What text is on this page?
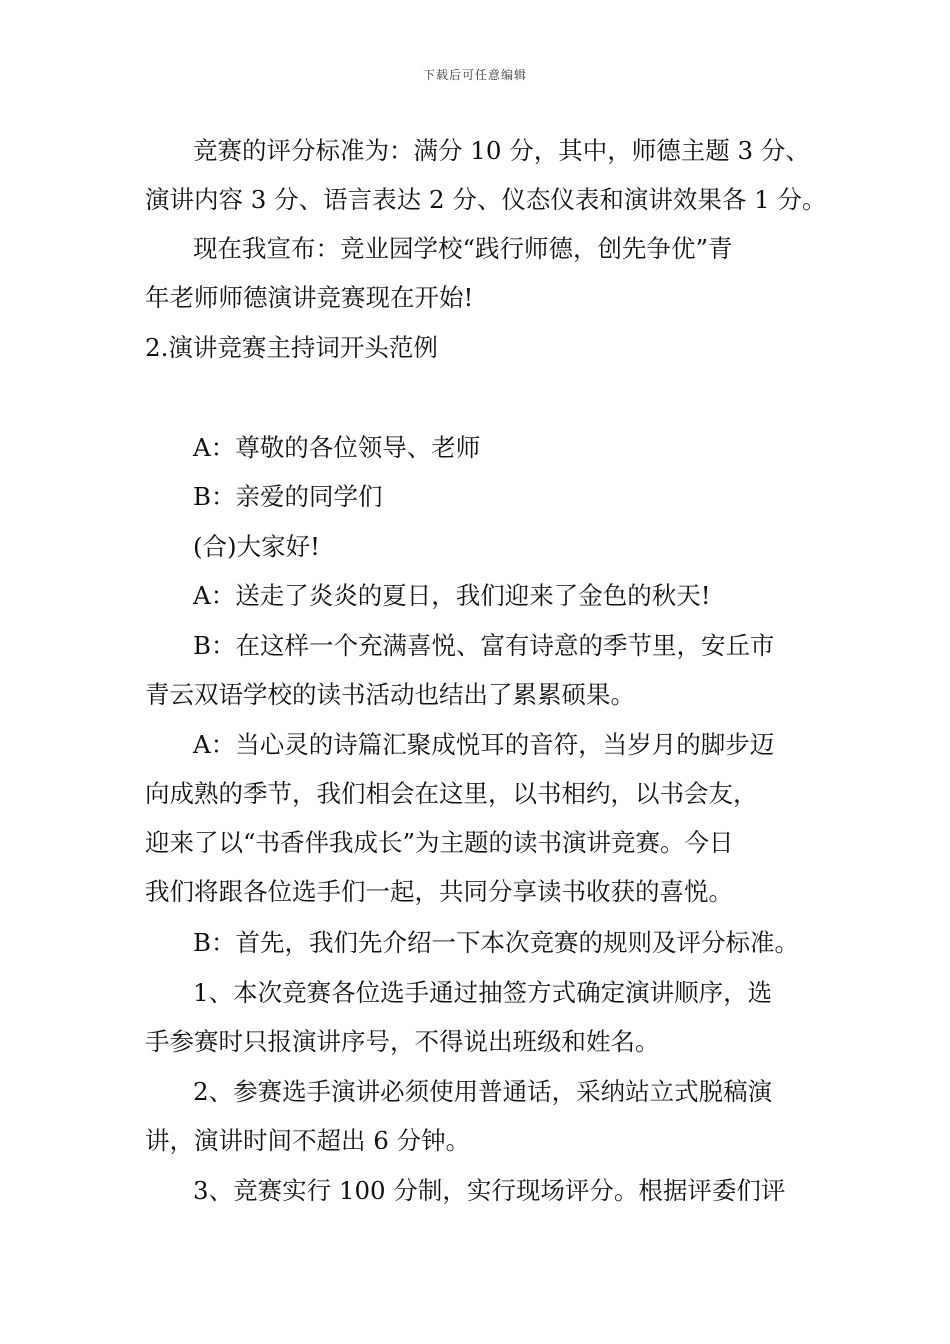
下载后可任意编辑
竞赛的评分标准为：满分 10 分，其中，师德主题 3 分、
演讲内容 3 分、语言表达 2 分、仪态仪表和演讲效果各 1 分。
现在我宣布：竞业园学校“践行师德，创先争优”青
年老师师德演讲竞赛现在开始!
2.演讲竞赛主持词开头范例
A：尊敬的各位领导、老师
B：亲爱的同学们
(合)大家好!
A：送走了炎炎的夏日，我们迎来了金色的秋天!
B：在这样一个充满喜悦、富有诗意的季节里，安丘市
青云双语学校的读书活动也结出了累累硕果。
A：当心灵的诗篇汇聚成悦耳的音符，当岁月的脚步迈
向成熟的季节，我们相会在这里，以书相约，以书会友，
迎来了以“书香伴我成长”为主题的读书演讲竞赛。今日
我们将跟各位选手们一起，共同分享读书收获的喜悦。
B：首先，我们先介绍一下本次竞赛的规则及评分标准。
1、本次竞赛各位选手通过抽签方式确定演讲顺序，选
手参赛时只报演讲序号，不得说出班级和姓名。
2、参赛选手演讲必须使用普通话，采纳站立式脱稿演
讲，演讲时间不超出 6 分钟。
3、竞赛实行 100 分制，实行现场评分。根据评委们评
